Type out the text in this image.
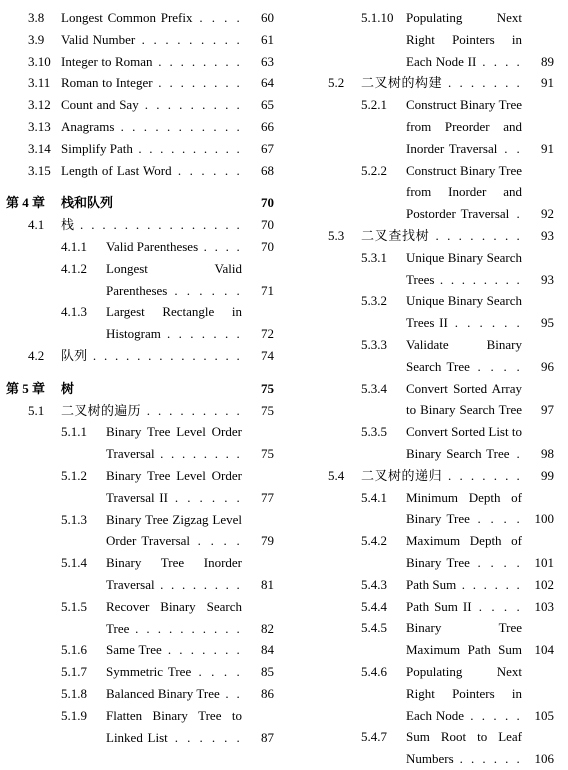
3.8 Longest Common Prefix . . . . 60
3.9 Valid Number . . . . . . . . . 61
3.10 Integer to Roman . . . . . . . . 63
3.11 Roman to Integer . . . . . . . . 64
3.12 Count and Say . . . . . . . . . 65
3.13 Anagrams . . . . . . . . . . . 66
3.14 Simplify Path . . . . . . . . . . 67
3.15 Length of Last Word . . . . . . 68
第 4 章 栈和队列	70
4.1 栈 . . . . . . . . . . . . . . . 70
4.1.1 Valid Parentheses . . . . 70
4.1.2 Longest Valid Parentheses . . . . . . 71
4.1.3 Largest Rectangle in Histogram . . . . . . . 72
4.2 队列 . . . . . . . . . . . . . . 74
第 5 章 树	75
5.1 二叉树的遍历 . . . . . . . . . 75
5.1.1 Binary Tree Level Order Traversal . . . . . . . . 75
5.1.2 Binary Tree Level Order Traversal II . . . . . . 77
5.1.3 Binary Tree Zigzag Level Order Traversal . . . . 79
5.1.4 Binary Tree Inorder Traversal . . . . . . . . 81
5.1.5 Recover Binary Search Tree . . . . . . . . . . 82
5.1.6 Same Tree . . . . . . . 84
5.1.7 Symmetric Tree . . . . 85
5.1.8 Balanced Binary Tree . . 86
5.1.9 Flatten Binary Tree to Linked List . . . . . . 87
5.1.10 Populating Next Right Pointers in Each Node II . . . . 89
5.2 二叉树的构建 . . . . . . . 91
5.2.1 Construct Binary Tree from Preorder and Inorder Traversal . . 91
5.2.2 Construct Binary Tree from Inorder and Postorder Traversal . 92
5.3 二叉查找树 . . . . . . . . 93
5.3.1 Unique Binary Search Trees . . . . . . . . 93
5.3.2 Unique Binary Search Trees II . . . . . . 95
5.3.3 Validate Binary Search Tree . . . . 96
5.3.4 Convert Sorted Array to Binary Search Tree 97
5.3.5 Convert Sorted List to Binary Search Tree . 98
5.4 二叉树的递归 . . . . . . . 99
5.4.1 Minimum Depth of Binary Tree . . . . 100
5.4.2 Maximum Depth of Binary Tree . . . . 101
5.4.3 Path Sum . . . . . . 102
5.4.4 Path Sum II . . . . 103
5.4.5 Binary Tree Maximum Path Sum 104
5.4.6 Populating Next Right Pointers in Each Node . . . . . 105
5.4.7 Sum Root to Leaf Numbers . . . . . . 106
